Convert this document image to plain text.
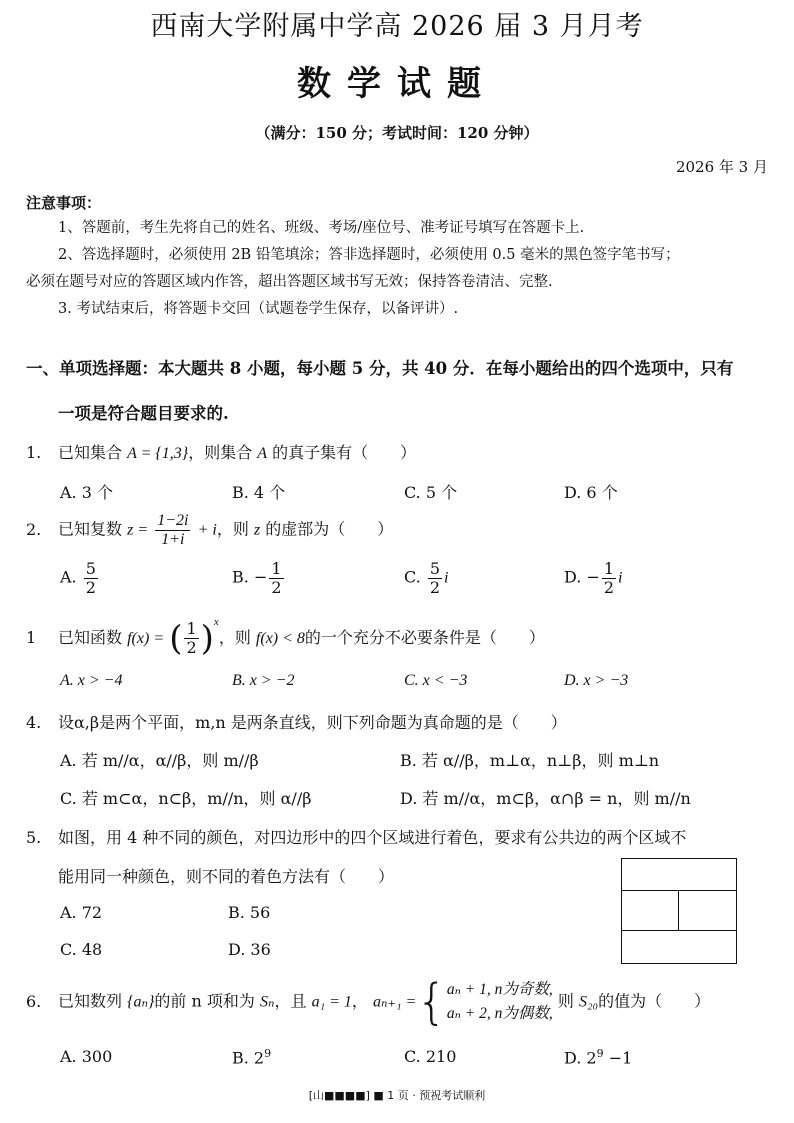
西南大学附属中学高 2026 届 3 月月考
数学试题
（满分：150 分；考试时间：120 分钟）
2026 年 3 月
注意事项：
1、答题前，考生先将自己的姓名、班级、考场/座位号、准考证号填写在答题卡上.
2、答选择题时，必须使用 2B 铅笔填涂；答非选择题时，必须使用 0.5 毫米的黑色签字笔书写；
必须在题号对应的答题区域内作答，超出答题区域书写无效；保持答卷清洁、完整.
3. 考试结束后，将答题卡交回（试题卷学生保存，以备评讲）.
一、单项选择题：本大题共 8 小题，每小题 5 分，共 40 分．在每小题给出的四个选项中，只有
一项是符合题目要求的.
1. 已知集合 A = {1,3}，则集合 A 的真子集有（　　）
A. 3 个	B. 4 个	C. 5 个	D. 6 个
2. 已知复数 $z = \frac{1-2i}{1+i} + i$，则 z 的虚部为（　　）
A. $\frac{5}{2}$	B. − $\frac{1}{2}$	C. $\frac{5}{2}$ i	D. − $\frac{1}{2}$ i
1 已知函数 f(x) = ( $\frac{1}{2} )^x$，则 f(x) < 8的一个充分不必要条件是（　　）
A. x > −4	B. x > −2	C. x < −3	D. x > −3
4. 设α,β是两个平面，m,n 是两条直线，则下列命题为真命题的是（　　）
A. 若 m//α，α//β，则 m//β	B. 若 α//β，m⊥α，n⊥β，则 m⊥n
C. 若 m⊂α，n⊂β，m//n，则 α//β	D. 若 m//α，m⊂β，α∩β = n，则 m//n
5. 如图，用 4 种不同的颜色，对四边形中的四个区域进行着色，要求有公共边的两个区域不
能用同一种颜色，则不同的着色方法有（　　）
A. 72	B. 56
C. 48	D. 36
6. 已知数列 {aₙ}的前 n 项和为 Sₙ，且 a₁ = 1， aₙ₊₁ ={ aₙ + 1, n为奇数,
aₙ + 2, n为偶数,
则 S₂₀的值为（　　）
A. 300	B. $2^9$	C. 210	D. $2^9 -1$
[山■■■■] ■ 1 页 · 预祝考试顺利
